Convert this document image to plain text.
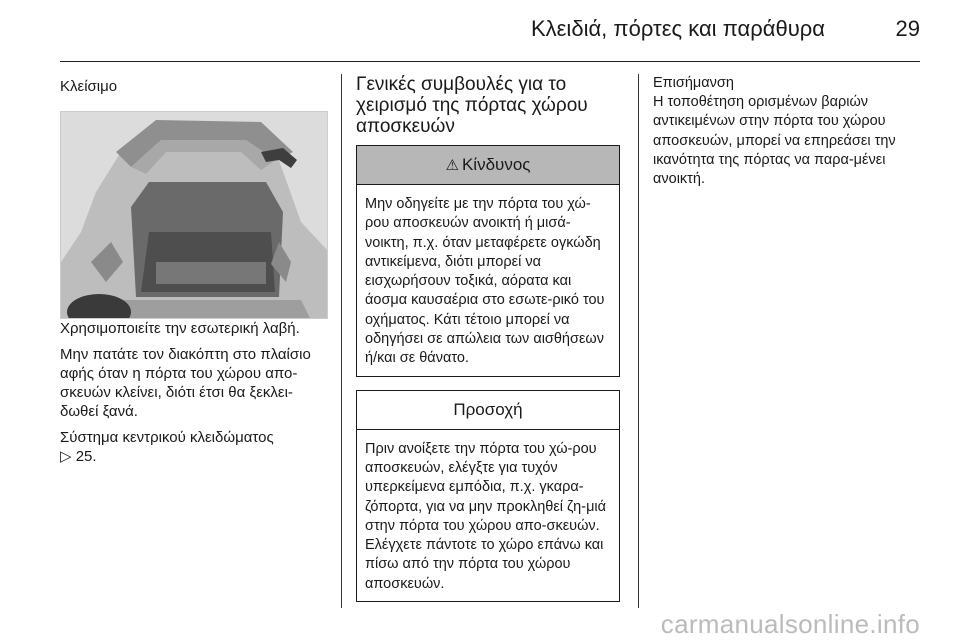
Κλειδιά, πόρτες και παράθυρα	29

Κλείσιμο

Χρησιμοποιείτε την εσωτερική λαβή.

Μην πατάτε τον διακόπτη στο πλαίσιο αφής όταν η πόρτα του χώρου απο-σκευών κλείνει, διότι έτσι θα ξεκλει-δωθεί ξανά.

Σύστημα κεντρικού κλειδώματος
▷ 25.

Γενικές συμβουλές για το χειρισμό της πόρτας χώρου αποσκευών
⚠ Κίνδυνος
Μην οδηγείτε με την πόρτα του χώ-ρου αποσκευών ανοικτή ή μισά-νοικτη, π.χ. όταν μεταφέρετε ογκώδη αντικείμενα, διότι μπορεί να εισχωρήσουν τοξικά, αόρατα και άοσμα καυσαέρια στο εσωτε-ρικό του οχήματος. Κάτι τέτοιο μπορεί να οδηγήσει σε απώλεια των αισθήσεων ή/και σε θάνατο.
Προσοχή
Πριν ανοίξετε την πόρτα του χώ-ρου αποσκευών, ελέγξτε για τυχόν υπερκείμενα εμπόδια, π.χ. γκαρα-ζόπορτα, για να μην προκληθεί ζη-μιά στην πόρτα του χώρου απο-σκευών. Ελέγχετε πάντοτε το χώρο επάνω και πίσω από την πόρτα του χώρου αποσκευών.

Επισήμανση

Η τοποθέτηση ορισμένων βαριών αντικειμένων στην πόρτα του χώρου αποσκευών, μπορεί να επηρεάσει την ικανότητα της πόρτας να παρα-μένει ανοικτή.

carmanualsonline.info
